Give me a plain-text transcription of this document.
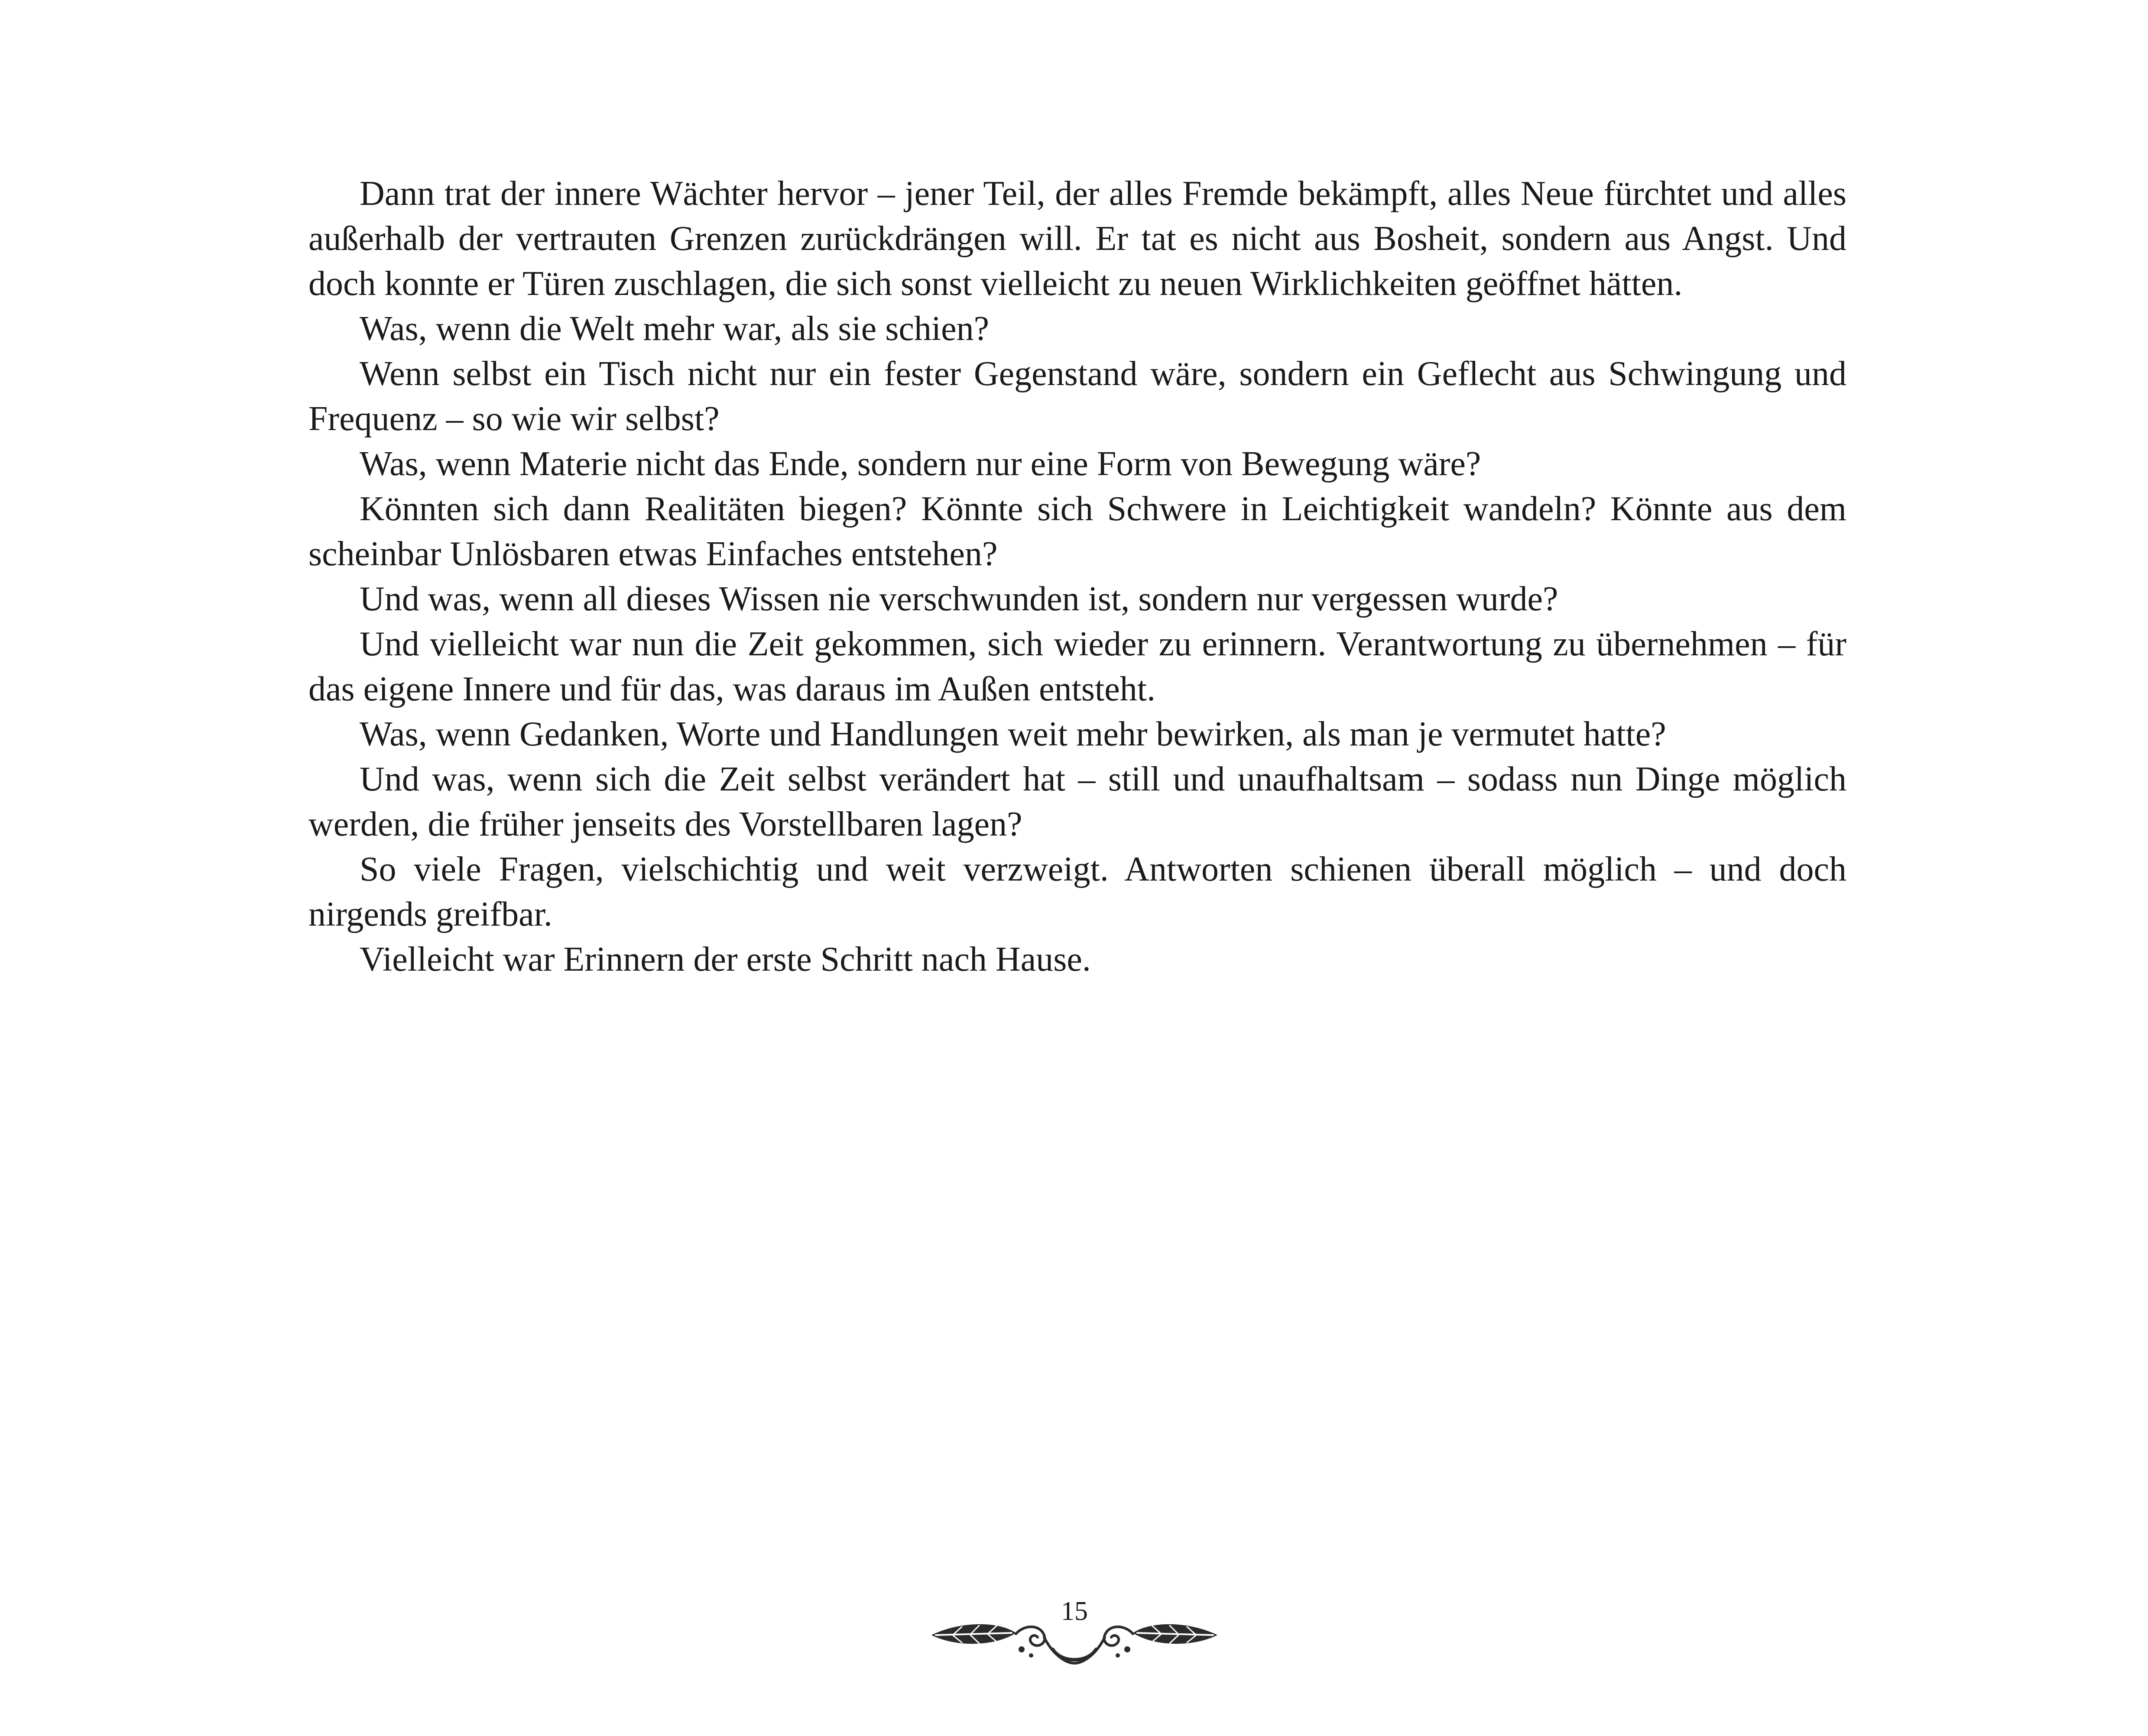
Dann trat der innere Wächter hervor – jener Teil, der alles Fremde bekämpft, alles Neue fürchtet und alles außerhalb der vertrauten Grenzen zurückdrängen will. Er tat es nicht aus Bosheit, sondern aus Angst. Und doch konnte er Türen zuschlagen, die sich sonst vielleicht zu neuen Wirklichkeiten geöffnet hätten.

Was, wenn die Welt mehr war, als sie schien?

Wenn selbst ein Tisch nicht nur ein fester Gegenstand wäre, sondern ein Geflecht aus Schwingung und Frequenz – so wie wir selbst?

Was, wenn Materie nicht das Ende, sondern nur eine Form von Bewegung wäre?

Könnten sich dann Realitäten biegen? Könnte sich Schwere in Leichtigkeit wandeln? Könnte aus dem scheinbar Unlösbaren etwas Einfaches entstehen?

Und was, wenn all dieses Wissen nie verschwunden ist, sondern nur vergessen wurde?

Und vielleicht war nun die Zeit gekommen, sich wieder zu erinnern. Verantwortung zu übernehmen – für das eigene Innere und für das, was daraus im Außen entsteht.

Was, wenn Gedanken, Worte und Handlungen weit mehr bewirken, als man je vermutet hatte?

Und was, wenn sich die Zeit selbst verändert hat – still und unaufhaltsam – sodass nun Dinge möglich werden, die früher jenseits des Vorstellbaren lagen?

So viele Fragen, vielschichtig und weit verzweigt. Antworten schienen überall möglich – und doch nirgends greifbar.

Vielleicht war Erinnern der erste Schritt nach Hause.

15
